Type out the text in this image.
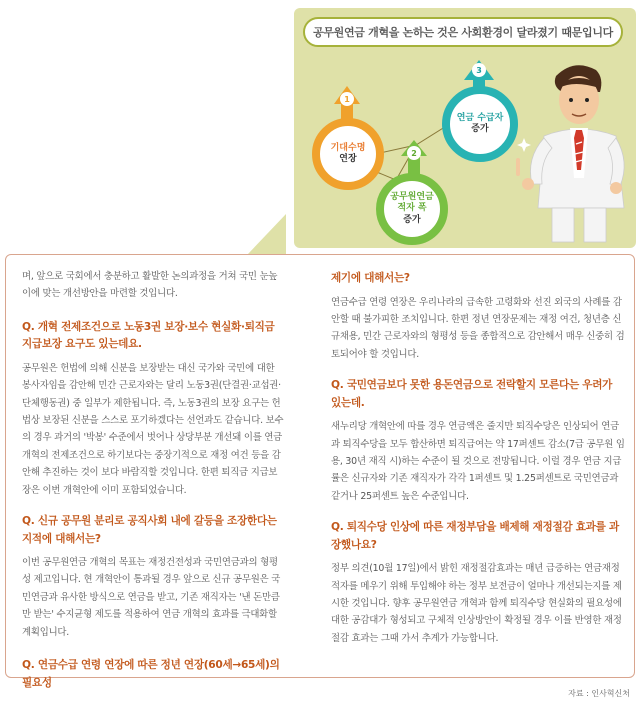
공무원연금 개혁을 논하는 것은 사회환경이 달라졌기 때문입니다
1
2
3
기대수명
연장
공무원연금 적자 폭
증가
연금 수급자
증가

며, 앞으로 국회에서 충분하고 활발한 논의과정을 거쳐 국민 눈높이에 맞는 개선방안을 마련할 것입니다.

Q. 개혁 전제조건으로 노동3권 보장·보수 현실화·퇴직금 지급보장 요구도 있는데요.

공무원은 헌법에 의해 신분을 보장받는 대신 국가와 국민에 대한 봉사자임을 감안해 민간 근로자와는 달리 노동3권(단결권·교섭권·단체행동권) 중 일부가 제한됩니다. 즉, 노동3권의 보장 요구는 헌법상 보장된 신분을 스스로 포기하겠다는 선언과도 같습니다. 보수의 경우 과거의 '박봉' 수준에서 벗어나 상당부분 개선돼 이를 연금 개혁의 전제조건으로 하기보다는 중장기적으로 재정 여건 등을 감안해 추진하는 것이 보다 바람직할 것입니다. 한편 퇴직금 지급보장은 이번 개혁안에 이미 포함되었습니다.

Q. 신규 공무원 분리로 공직사회 내에 갈등을 조장한다는 지적에 대해서는?

이번 공무원연금 개혁의 목표는 재정건전성과 국민연금과의 형평성 제고입니다. 현 개혁안이 통과될 경우 앞으로 신규 공무원은 국민연금과 유사한 방식으로 연금을 받고, 기존 재직자는 '낸 돈만큼만 받는' 수지균형 제도를 적용하여 연금 개혁의 효과를 극대화할 계획입니다.

Q. 연금수급 연령 연장에 따른 정년 연장(60세→65세)의 필요성

제기에 대해서는?

연금수급 연령 연장은 우리나라의 급속한 고령화와 선진 외국의 사례를 감안할 때 불가피한 조치입니다. 한편 정년 연장문제는 재정 여건, 청년층 신규채용, 민간 근로자와의 형평성 등을 종합적으로 감안해서 매우 신중히 검토되어야 할 것입니다.

Q. 국민연금보다 못한 용돈연금으로 전락할지 모른다는 우려가 있는데.

새누리당 개혁안에 따를 경우 연금액은 줄지만 퇴직수당은 인상되어 연금과 퇴직수당을 모두 합산하면 퇴직급여는 약 17퍼센트 감소(7급 공무원 임용, 30년 재직 시)하는 수준이 될 것으로 전망됩니다. 이럴 경우 연금 지급률은 신규자와 기존 재직자가 각각 1퍼센트 및 1.25퍼센트로 국민연금과 같거나 25퍼센트 높은 수준입니다.

Q. 퇴직수당 인상에 따른 재정부담을 배제해 재정절감 효과를 과장했나요?

정부 의견(10월 17일)에서 밝힌 재정절감효과는 매년 급증하는 연금재정적자를 메우기 위해 투입해야 하는 정부 보전금이 얼마나 개선되는지를 제시한 것입니다. 향후 공무원연금 개혁과 함께 퇴직수당 현실화의 필요성에 대한 공감대가 형성되고 구체적 인상방안이 확정될 경우 이를 반영한 재정절감 효과는 그때 가서 추계가 가능합니다.

자료 : 인사혁신처
